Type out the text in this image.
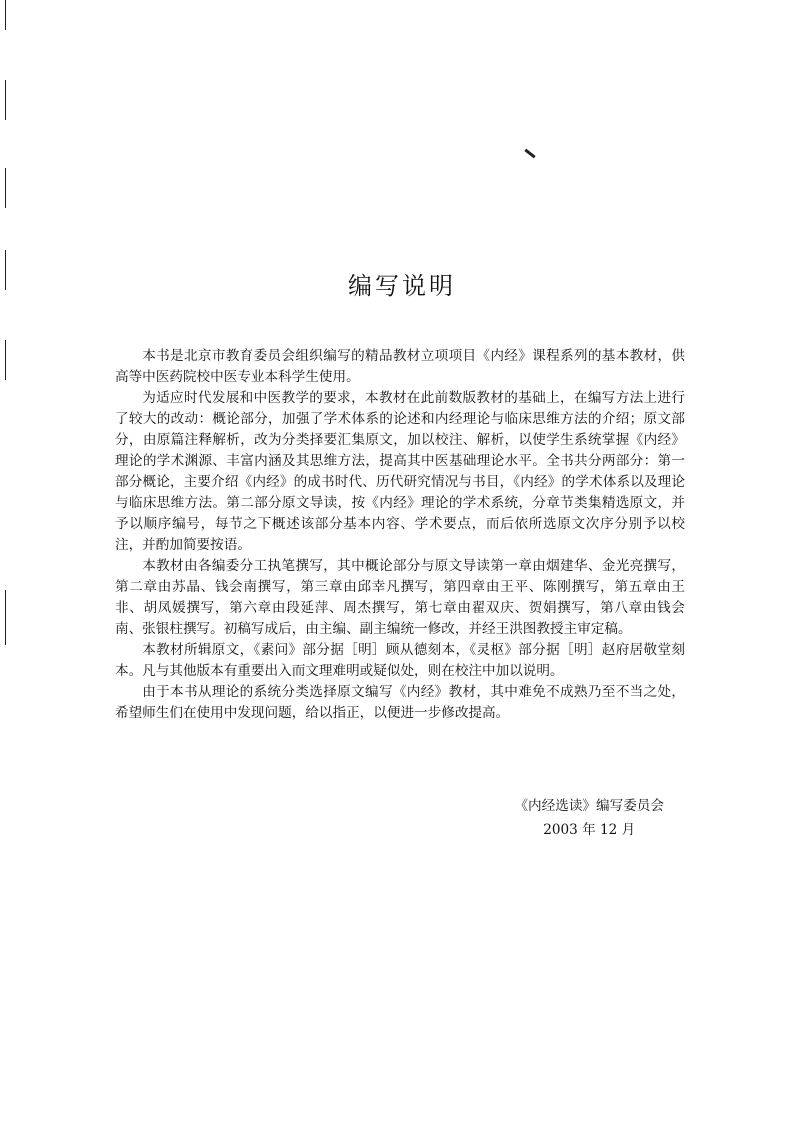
编写说明

本书是北京市教育委员会组织编写的精品教材立项项目《内经》课程系列的基本教材，供高等中医药院校中医专业本科学生使用。

为适应时代发展和中医教学的要求，本教材在此前数版教材的基础上，在编写方法上进行了较大的改动：概论部分，加强了学术体系的论述和内经理论与临床思维方法的介绍；原文部分，由原篇注释解析，改为分类择要汇集原文，加以校注、解析，以使学生系统掌握《内经》理论的学术渊源、丰富内涵及其思维方法，提高其中医基础理论水平。全书共分两部分：第一部分概论，主要介绍《内经》的成书时代、历代研究情况与书目，《内经》的学术体系以及理论与临床思维方法。第二部分原文导读，按《内经》理论的学术系统，分章节类集精选原文，并予以顺序编号，每节之下概述该部分基本内容、学术要点，而后依所选原文次序分别予以校注，并酌加简要按语。

本教材由各编委分工执笔撰写，其中概论部分与原文导读第一章由烟建华、金光亮撰写，第二章由苏晶、钱会南撰写，第三章由邱幸凡撰写，第四章由王平、陈刚撰写，第五章由王非、胡凤媛撰写，第六章由段延萍、周杰撰写，第七章由翟双庆、贺娟撰写，第八章由钱会南、张银柱撰写。初稿写成后，由主编、副主编统一修改，并经王洪图教授主审定稿。

本教材所辑原文，《素问》部分据［明］顾从德刻本，《灵枢》部分据［明］赵府居敬堂刻本。凡与其他版本有重要出入而文理难明或疑似处，则在校注中加以说明。

由于本书从理论的系统分类选择原文编写《内经》教材，其中难免不成熟乃至不当之处，希望师生们在使用中发现问题，给以指正，以便进一步修改提高。

《内经选读》编写委员会
2003 年 12 月
